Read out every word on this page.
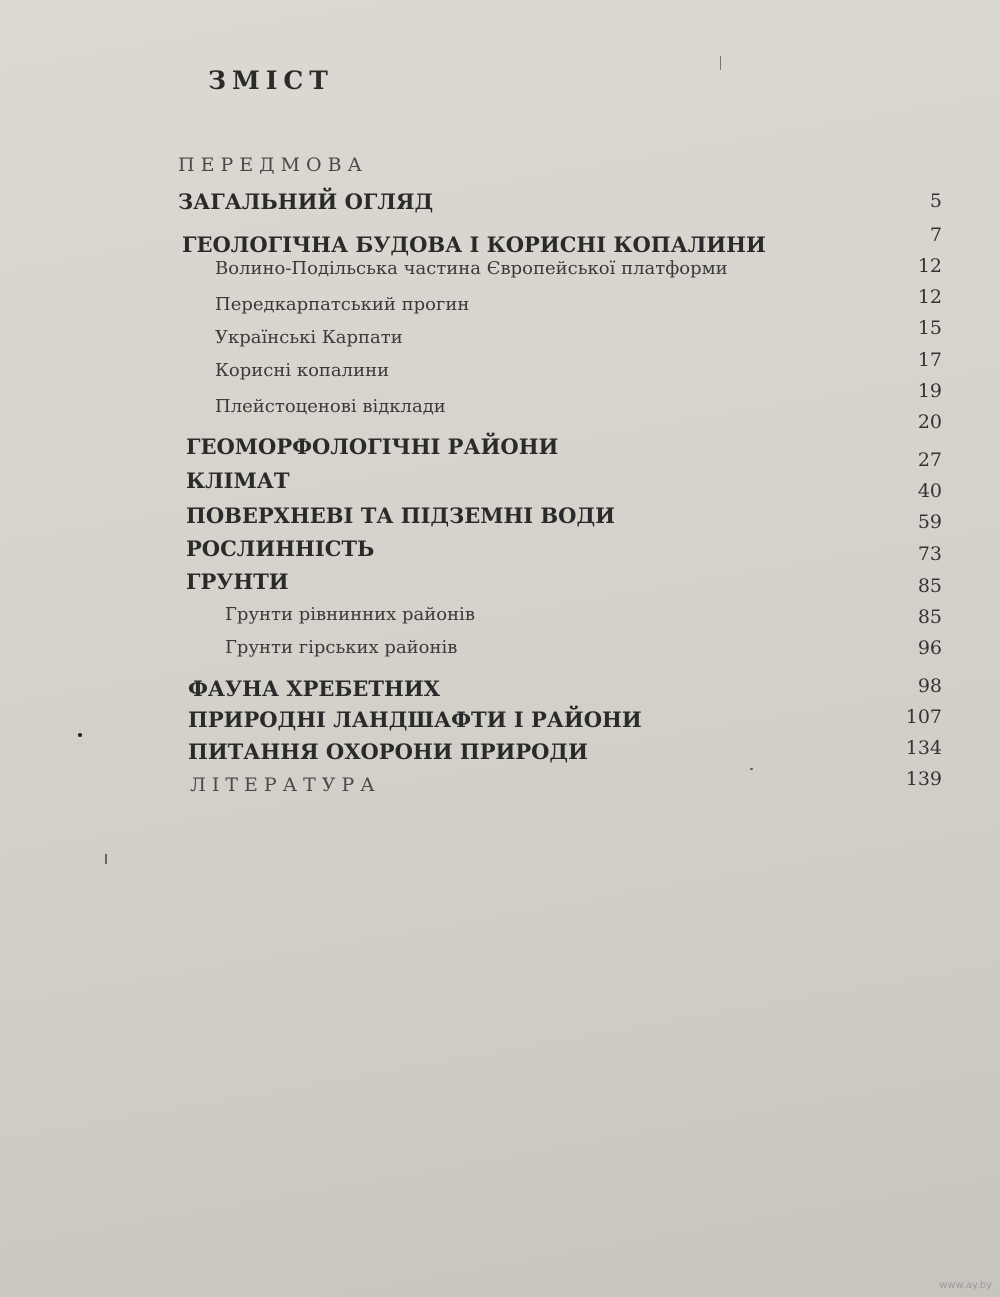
ЗМІСТ
ПЕРЕДМОВА
ЗАГАЛЬНИЙ ОГЛЯД
ГЕОЛОГІЧНА БУДОВА І КОРИСНІ КОПАЛИНИ
Волино-Подільська частина Європейської платформи
Передкарпатський прогин
Українські Карпати
Корисні копалини
Плейстоценові відклади
ГЕОМОРФОЛОГІЧНІ РАЙОНИ
КЛІМАТ
ПОВЕРХНЕВІ ТА ПІДЗЕМНІ ВОДИ
РОСЛИННІСТЬ
ГРУНТИ
Грунти рівнинних районів
Грунти гірських районів
ФАУНА ХРЕБЕТНИХ
ПРИРОДНІ ЛАНДШАФТИ І РАЙОНИ
ПИТАННЯ ОХОРОНИ ПРИРОДИ
ЛІТЕРАТУРА
5
7
12
12
15
17
19
20
27
40
59
73
85
85
96
98
107
134
139
www.ay.by
